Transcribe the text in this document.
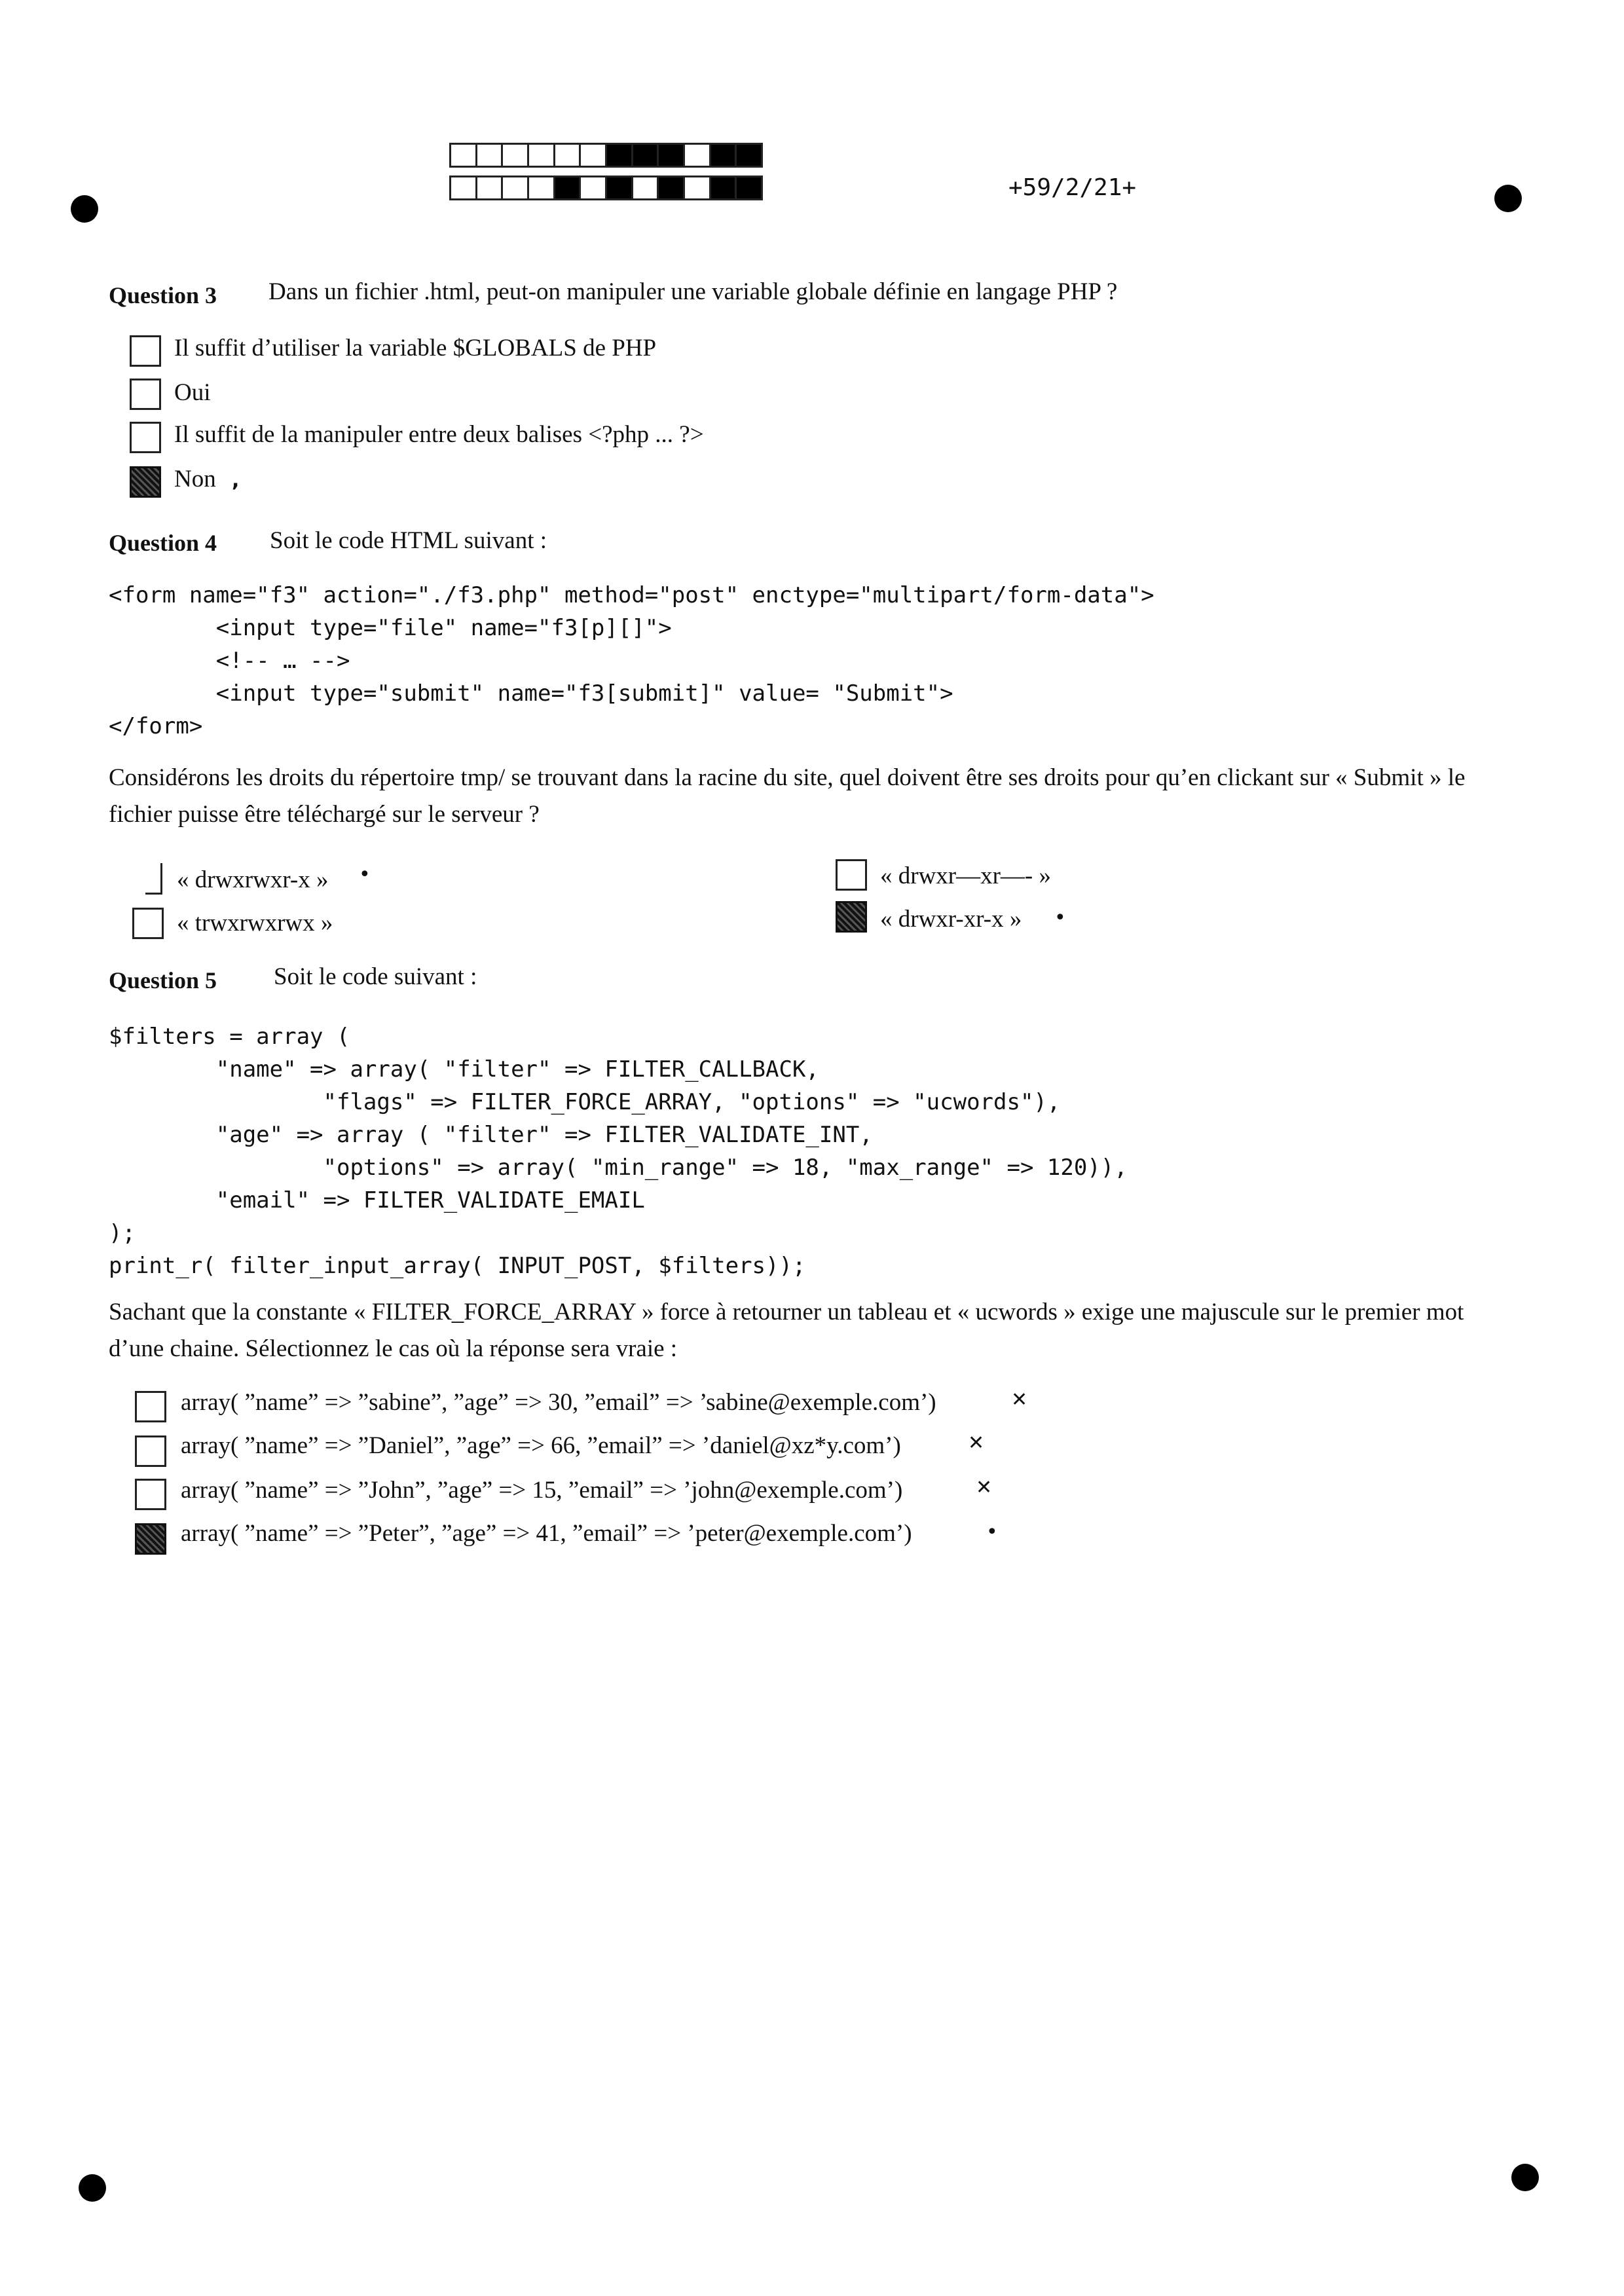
+59/2/21+
Question 3 Dans un fichier .html, peut-on manipuler une variable globale définie en langage PHP ?
Il suffit d’utiliser la variable $GLOBALS de PHP
Oui
Il suffit de la manipuler entre deux balises <?php ... ?>
Non ,
Question 4 Soit le code HTML suivant :
<form name="f3" action="./f3.php" method="post" enctype="multipart/form-data">
<input type="file" name="f3[p][]">
<!-- … -->
<input type="submit" name="f3[submit]" value= "Submit">
</form>
Considérons les droits du répertoire tmp/ se trouvant dans la racine du site, quel doivent être ses droits pour qu’en clickant sur « Submit » le fichier puisse être téléchargé sur le serveur ?
« drwxrwxr-x » •
« trwxrwxrwx »
« drwxr—xr—- »
« drwxr-xr-x » •
Question 5 Soit le code suivant :
$filters = array (
"name" => array( "filter" => FILTER_CALLBACK,
"flags" => FILTER_FORCE_ARRAY, "options" => "ucwords"),
"age" => array ( "filter" => FILTER_VALIDATE_INT,
"options" => array( "min_range" => 18, "max_range" => 120)),
"email" => FILTER_VALIDATE_EMAIL
);
print_r( filter_input_array( INPUT_POST, $filters));
Sachant que la constante « FILTER_FORCE_ARRAY » force à retourner un tableau et « ucwords » exige une majuscule sur le premier mot d’une chaine. Sélectionnez le cas où la réponse sera vraie :
array( ”name” => ”sabine”, ”age” => 30, ”email” => ’sabine@exemple.com’)	✕
array( ”name” => ”Daniel”, ”age” => 66, ”email” => ’daniel@xz*y.com’)	✕
array( ”name” => ”John”, ”age” => 15, ”email” => ’john@exemple.com’)	✕
array( ”name” => ”Peter”, ”age” => 41, ”email” => ’peter@exemple.com’)	•
